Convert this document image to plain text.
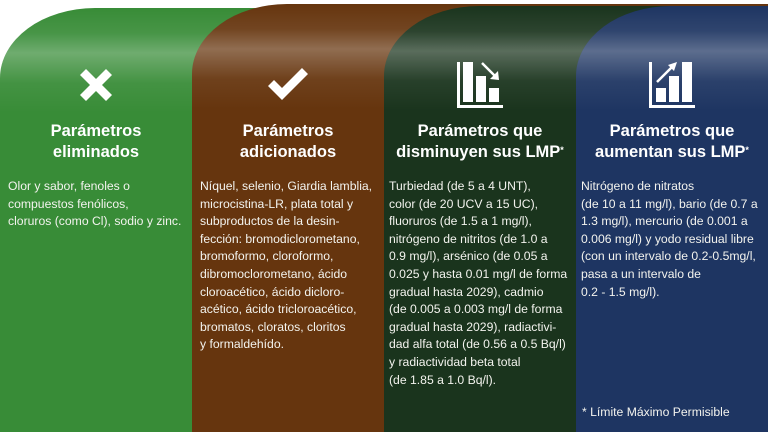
Parámetros
eliminados
Olor y sabor, fenoles o
compuestos fenólicos,
cloruros (como Cl), sodio y zinc.
Parámetros
adicionados
Níquel, selenio, Giardia lamblia,
microcistina-LR, plata total y
subproductos de la desin-
fección: bromodiclorometano,
bromoformo, cloroformo,
dibromoclorometano, ácido
cloroacético, ácido dicloro-
acético, ácido tricloroacético,
bromatos, cloratos, cloritos
y formaldehído.
Parámetros que
disminuyen sus LMP*
Turbiedad (de 5 a 4 UNT),
color (de 20 UCV a 15 UC),
fluoruros (de 1.5 a 1 mg/l),
nitrógeno de nitritos (de 1.0 a
0.9 mg/l), arsénico (de 0.05 a
0.025 y hasta 0.01 mg/l de forma
gradual hasta 2029), cadmio
(de 0.005 a 0.003 mg/l de forma
gradual hasta 2029), radiactivi-
dad alfa total (de 0.56 a 0.5 Bq/l)
y radiactividad beta total
(de 1.85 a 1.0 Bq/l).
Parámetros que
aumentan sus LMP*
Nitrógeno de nitratos
(de 10 a 11 mg/l), bario (de 0.7 a
1.3 mg/l), mercurio (de 0.001 a
0.006 mg/l) y yodo residual libre
(con un intervalo de 0.2-0.5mg/l,
pasa a un intervalo de
0.2 - 1.5 mg/l).
* Límite Máximo Permisible
